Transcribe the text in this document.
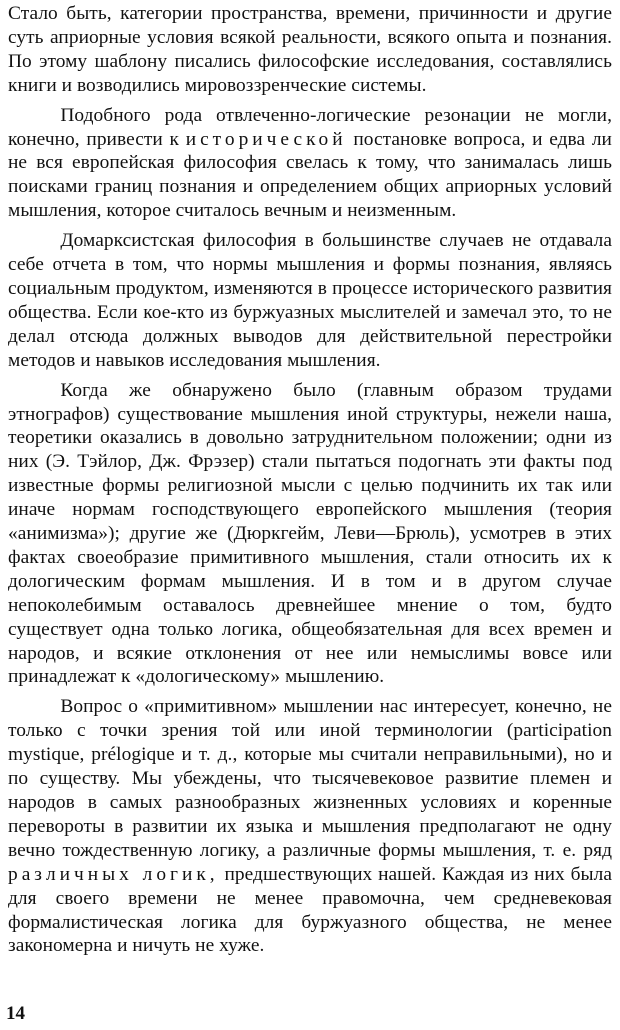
Стало быть, категории пространства, времени, причинности и другие суть априорные условия всякой реальности, всякого опыта и познания. По этому шаблону писались философские исследования, составлялись книги и возводились мировоззренческие системы.

Подобного рода отвлеченно-логические резонации не могли, конечно, привести к исторической постановке вопроса, и едва ли не вся европейская философия свелась к тому, что занималась лишь поисками границ познания и определением общих априорных условий мышления, которое считалось вечным и неизменным.

Домарксистская философия в большинстве случаев не отдавала себе отчета в том, что нормы мышления и формы познания, являясь социальным продуктом, изменяются в процессе исторического развития общества. Если кое-кто из буржуазных мыслителей и замечал это, то не делал отсюда должных выводов для действительной перестройки методов и навыков исследования мышления.

Когда же обнаружено было (главным образом трудами этнографов) существование мышления иной структуры, нежели наша, теоретики оказались в довольно затруднительном положении; одни из них (Э. Тэйлор, Дж. Фрэзер) стали пытаться подогнать эти факты под известные формы религиозной мысли с целью подчинить их так или иначе нормам господствующего европейского мышления (теория «анимизма»); другие же (Дюркгейм, Леви—Брюль), усмотрев в этих фактах своеобразие примитивного мышления, стали относить их к дологическим формам мышления. И в том и в другом случае непоколебимым оставалось древнейшее мнение о том, будто существует одна только логика, общеобязательная для всех времен и народов, и всякие отклонения от нее или немыслимы вовсе или принадлежат к «дологическому» мышлению.

Вопрос о «примитивном» мышлении нас интересует, конечно, не только с точки зрения той или иной терминологии (participation mystique, prélogique и т. д., которые мы считали неправильными), но и по существу. Мы убеждены, что тысячевековое развитие племен и народов в самых разнообразных жизненных условиях и коренные перевороты в развитии их языка и мышления предполагают не одну вечно тождественную логику, а различные формы мышления, т. е. ряд различных логик, предшествующих нашей. Каждая из них была для своего времени не менее правомочна, чем средневековая формалистическая логика для буржуазного общества, не менее закономерна и ничуть не хуже.

14
